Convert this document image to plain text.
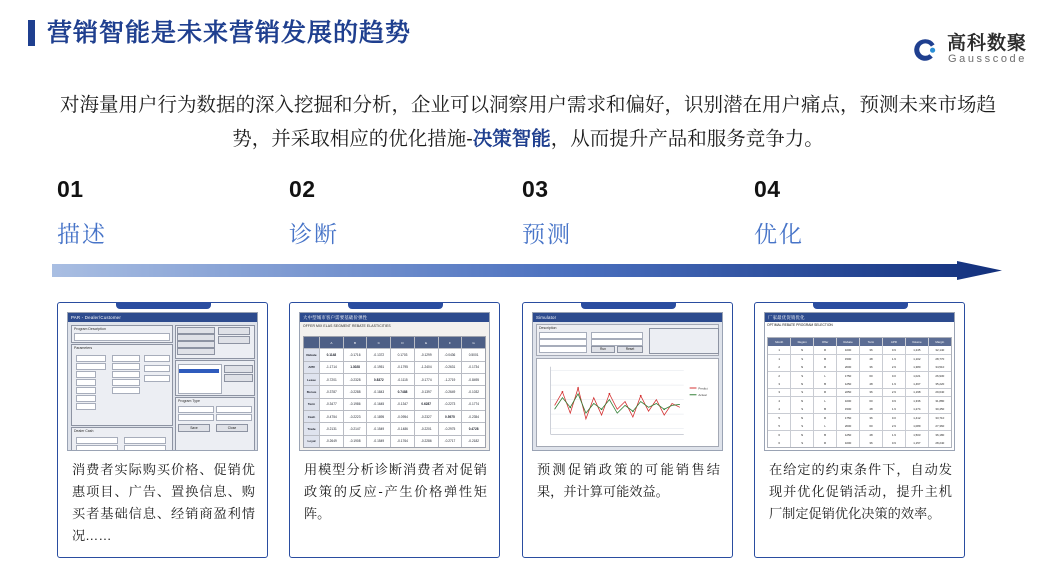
营销智能是未来营销发展的趋势	高科数聚
Gausscode
对海量用户行为数据的深入挖掘和分析，企业可以洞察用户需求和偏好，识别潜在用户痛点，预测未来市场趋势，并采取相应的优化措施-决策智能，从而提升产品和服务竞争力。
01
描述
02
诊断
03
预测
04
优化
PAR - Dealer/Customer
Program Description
Parameters
Dealer Cash
Program Type
Save	Close
消费者实际购买价格、促销优惠项目、广告、置换信息、购买者基础信息、经销商盈利情况……
大中型城市客户需要基础价弹性
OFFER MIX ELAS SEGMENT REBATE ELASTICITIES
A	B	C	D	E	F	G
Rebate	0.1148	-0.1716	-0.1372	0.1703	-0.1299	-0.0436	0.5001
APR	-1.1714	1.3028	-0.1951	-0.1795	-1.2404	-0.2631	-0.1734
Lease	-0.7201	-0.2328	0.8372	-0.1115	-0.1774	-1.2719	-0.8495
Bonus	-0.3787	-0.2288	-0.1843	0.7488	-0.1397	-0.2649	-0.1032
Term	-0.3477	-0.1986	-0.1645	-0.1347	0.6287	-0.2273	-0.1774
Cash	-0.4754	-0.2223	-0.1895	-0.0954	-0.2327	0.5975	-0.2354
Trade	-0.2131	-0.2147	-0.1549	-0.1486	-0.2201	-0.2975	0.4728
Loyal	-0.2649	-0.1908	-0.1549	-0.1764	-0.2286	-0.2717	-0.2182
用模型分析诊断消费者对促销政策的反应-产生价格弹性矩阵。
Simulator
Description
Run	Reset
Predict
Actual
预测促销政策的可能销售结果，并计算可能效益。
厂家最优促销优化
OPTIMAL REBATE PROGRAM SELECTION
Month	Region	Offer	Rebate	Term	APR	Volume	Margin
1	N	R	1000	36	0.9	1,245	32,140
1	S	B	1500	48	1.9	1,102	28,770
2	N	R	2000	36	2.9	1,380	34,510
2	S	L	1750	60	0.0	1,021	26,930
3	N	B	1250	48	1.9	1,467	35,220
3	S	R	2250	36	2.9	1,198	29,640
4	N	L	1000	60	0.9	1,336	31,880
4	S	B	1500	48	1.9	1,274	30,450
5	N	R	1750	36	0.0	1,412	33,710
5	S	L	2000	60	2.9	1,089	27,360
6	N	B	1250	48	1.9	1,503	36,180
6	S	R	1000	36	0.9	1,157	28,240
在给定的约束条件下，自动发现并优化促销活动，提升主机厂制定促销优化决策的效率。
